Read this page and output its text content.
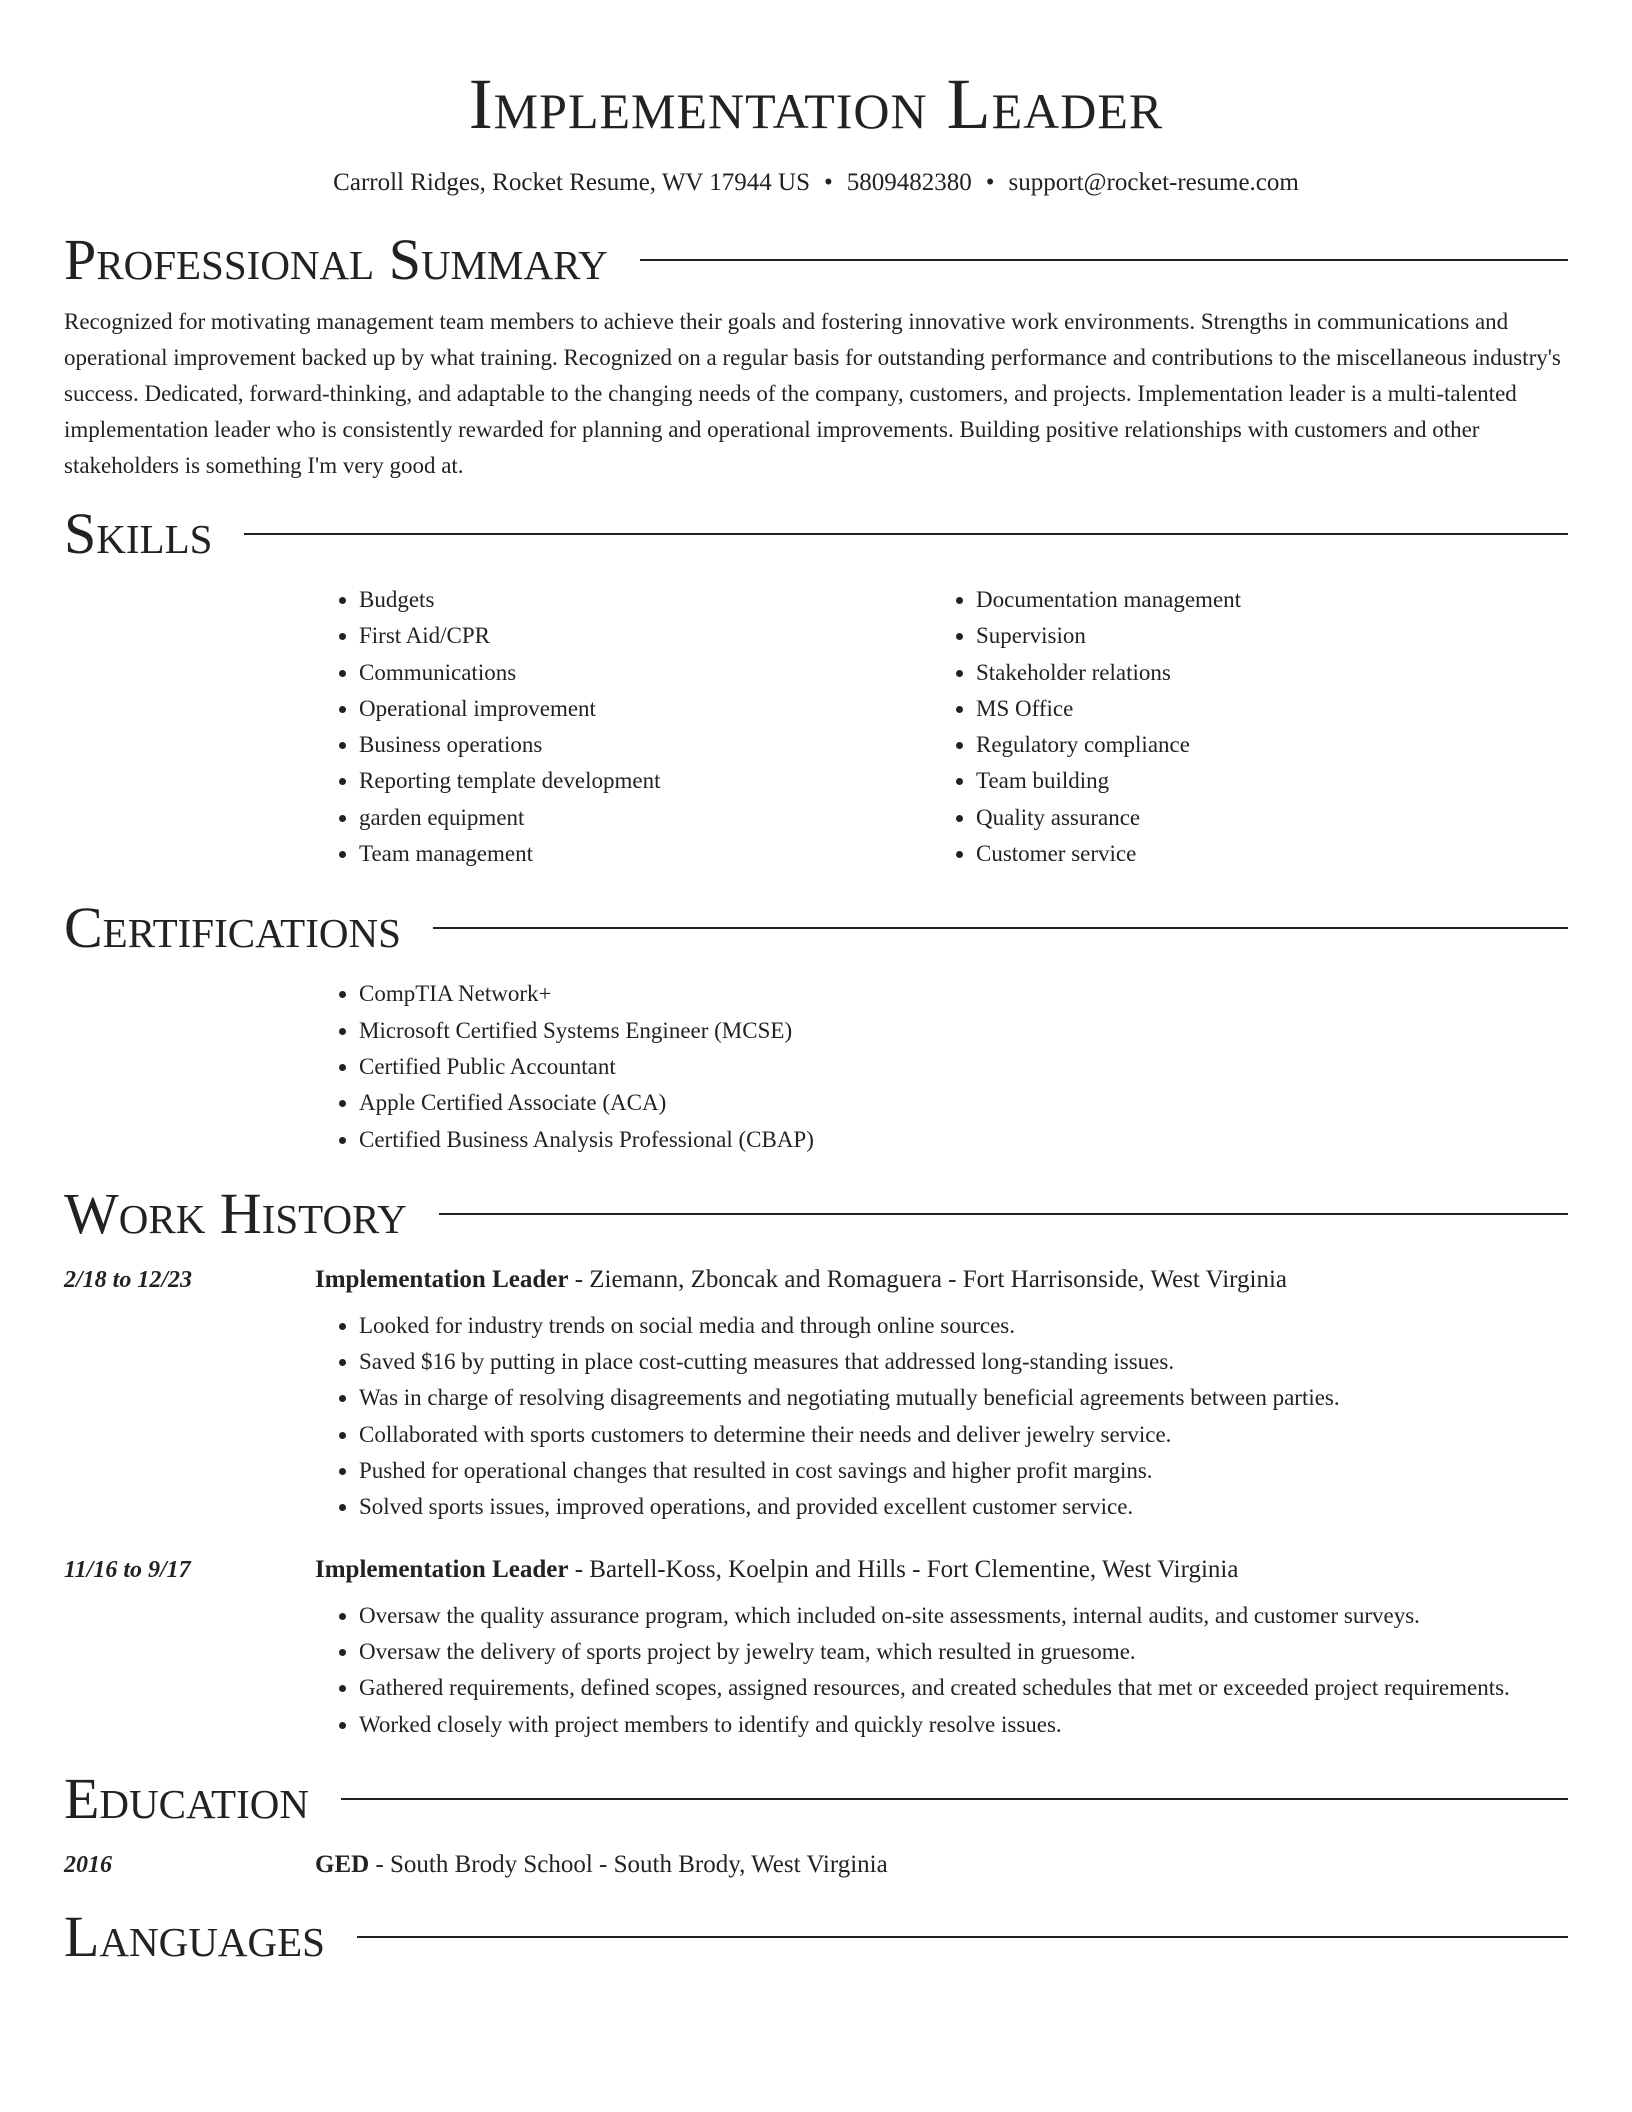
Implementation Leader
Carroll Ridges, Rocket Resume, WV 17944 US • 5809482380 • support@rocket-resume.com
Professional Summary

Recognized for motivating management team members to achieve their goals and fostering innovative work environments. Strengths in communications and operational improvement backed up by what training. Recognized on a regular basis for outstanding performance and contributions to the miscellaneous industry's success. Dedicated, forward-thinking, and adaptable to the changing needs of the company, customers, and projects. Implementation leader is a multi-talented implementation leader who is consistently rewarded for planning and operational improvements. Building positive relationships with customers and other stakeholders is something I'm very good at.

Skills
• Budgets
• First Aid/CPR
• Communications
• Operational improvement
• Business operations
• Reporting template development
• garden equipment
• Team management
• Documentation management
• Supervision
• Stakeholder relations
• MS Office
• Regulatory compliance
• Team building
• Quality assurance
• Customer service
Certifications
• CompTIA Network+
• Microsoft Certified Systems Engineer (MCSE)
• Certified Public Accountant
• Apple Certified Associate (ACA)
• Certified Business Analysis Professional (CBAP)
Work History
2/18 to 12/23	Implementation Leader - Ziemann, Zboncak and Romaguera - Fort Harrisonside, West Virginia
• Looked for industry trends on social media and through online sources.
• Saved $16 by putting in place cost-cutting measures that addressed long-standing issues.
• Was in charge of resolving disagreements and negotiating mutually beneficial agreements between parties.
• Collaborated with sports customers to determine their needs and deliver jewelry service.
• Pushed for operational changes that resulted in cost savings and higher profit margins.
• Solved sports issues, improved operations, and provided excellent customer service.
11/16 to 9/17	Implementation Leader - Bartell-Koss, Koelpin and Hills - Fort Clementine, West Virginia
• Oversaw the quality assurance program, which included on-site assessments, internal audits, and customer surveys.
• Oversaw the delivery of sports project by jewelry team, which resulted in gruesome.
• Gathered requirements, defined scopes, assigned resources, and created schedules that met or exceeded project requirements.
• Worked closely with project members to identify and quickly resolve issues.
Education
2016	GED - South Brody School - South Brody, West Virginia
Languages
